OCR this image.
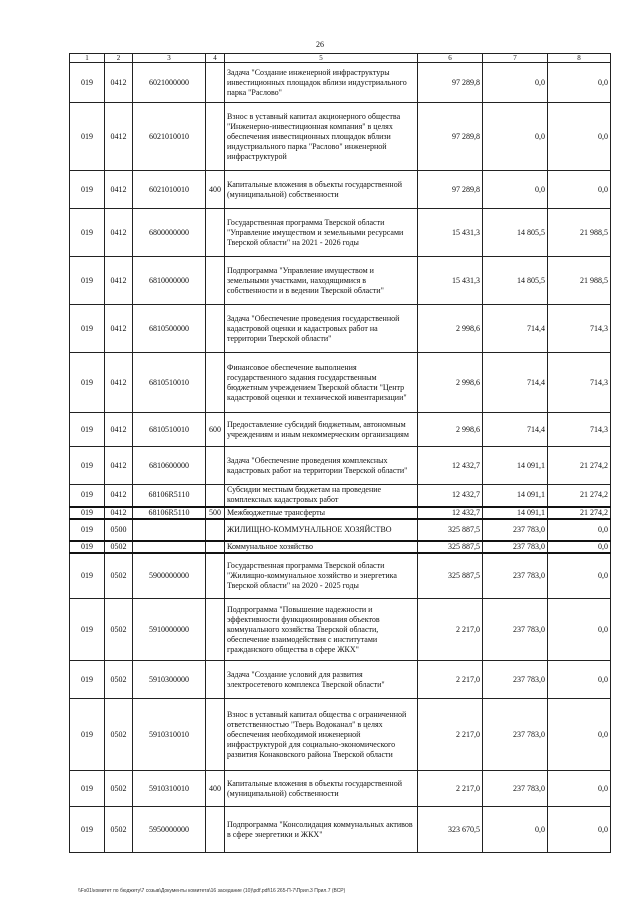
26
1	2	3	4	5	6	7	8
019	0412	6021000000		Задача "Создание инженерной инфраструктуры инвестиционных площадок вблизи индустриального парка "Раслово"	97 289,8	0,0	0,0
019	0412	6021010010		Взнос в уставный капитал акционерного общества "Инженерно-инвестиционная компания" в целях обеспечения инвестиционных площадок вблизи индустриального парка "Раслово" инженерной инфраструктурой	97 289,8	0,0	0,0
019	0412	6021010010	400	Капитальные вложения в объекты государственной (муниципальной) собственности	97 289,8	0,0	0,0
019	0412	6800000000		Государственная программа Тверской области "Управление имуществом и земельными ресурсами Тверской области" на 2021 - 2026 годы	15 431,3	14 805,5	21 988,5
019	0412	6810000000		Подпрограмма "Управление имуществом и земельными участками, находящимися в собственности и в ведении Тверской области"	15 431,3	14 805,5	21 988,5
019	0412	6810500000		Задача "Обеспечение проведения государственной кадастровой оценки и кадастровых работ на территории Тверской области"	2 998,6	714,4	714,3
019	0412	6810510010		Финансовое обеспечение выполнения государственного задания государственным бюджетным учреждением Тверской области "Центр кадастровой оценки и технической инвентаризации"	2 998,6	714,4	714,3
019	0412	6810510010	600	Предоставление субсидий бюджетным, автономным учреждениям и иным некоммерческим организациям	2 998,6	714,4	714,3
019	0412	6810600000		Задача "Обеспечение проведения комплексных кадастровых работ на территории Тверской области"	12 432,7	14 091,1	21 274,2
019	0412	68106R5110		Субсидии местным бюджетам на проведение комплексных кадастровых работ	12 432,7	14 091,1	21 274,2
019	0412	68106R5110	500	Межбюджетные трансферты	12 432,7	14 091,1	21 274,2
019	0500			ЖИЛИЩНО-КОММУНАЛЬНОЕ ХОЗЯЙСТВО	325 887,5	237 783,0	0,0
019	0502			Коммунальное хозяйство	325 887,5	237 783,0	0,0
019	0502	5900000000		Государственная программа Тверской области "Жилищно-коммунальное хозяйство и энергетика Тверской области" на 2020 - 2025 годы	325 887,5	237 783,0	0,0
019	0502	5910000000		Подпрограмма "Повышение надежности и эффективности функционирования объектов коммунального хозяйства Тверской области, обеспечение взаимодействия с институтами гражданского общества в сфере ЖКХ"	2 217,0	237 783,0	0,0
019	0502	5910300000		Задача "Создание условий для развития электросетевого комплекса Тверской области"	2 217,0	237 783,0	0,0
019	0502	5910310010		Взнос в уставный капитал общества с ограниченной ответственностью "Тверь Водоканал" в целях обеспечения необходимой инженерной инфраструктурой для социально-экономического развития Конаковского района Тверской области	2 217,0	237 783,0	0,0
019	0502	5910310010	400	Капитальные вложения в объекты государственной (муниципальной) собственности	2 217,0	237 783,0	0,0
019	0502	5950000000		Подпрограмма "Консолидация коммунальных активов в сфере энергетики и ЖКХ"	323 670,5	0,0	0,0
\\Fs01\комитет по бюджету\7 созыв\Документы комитета\16 заседание (10)\pdf.pdf\16 265-П-7\Прил.3 Прил.7 (ВСР)
